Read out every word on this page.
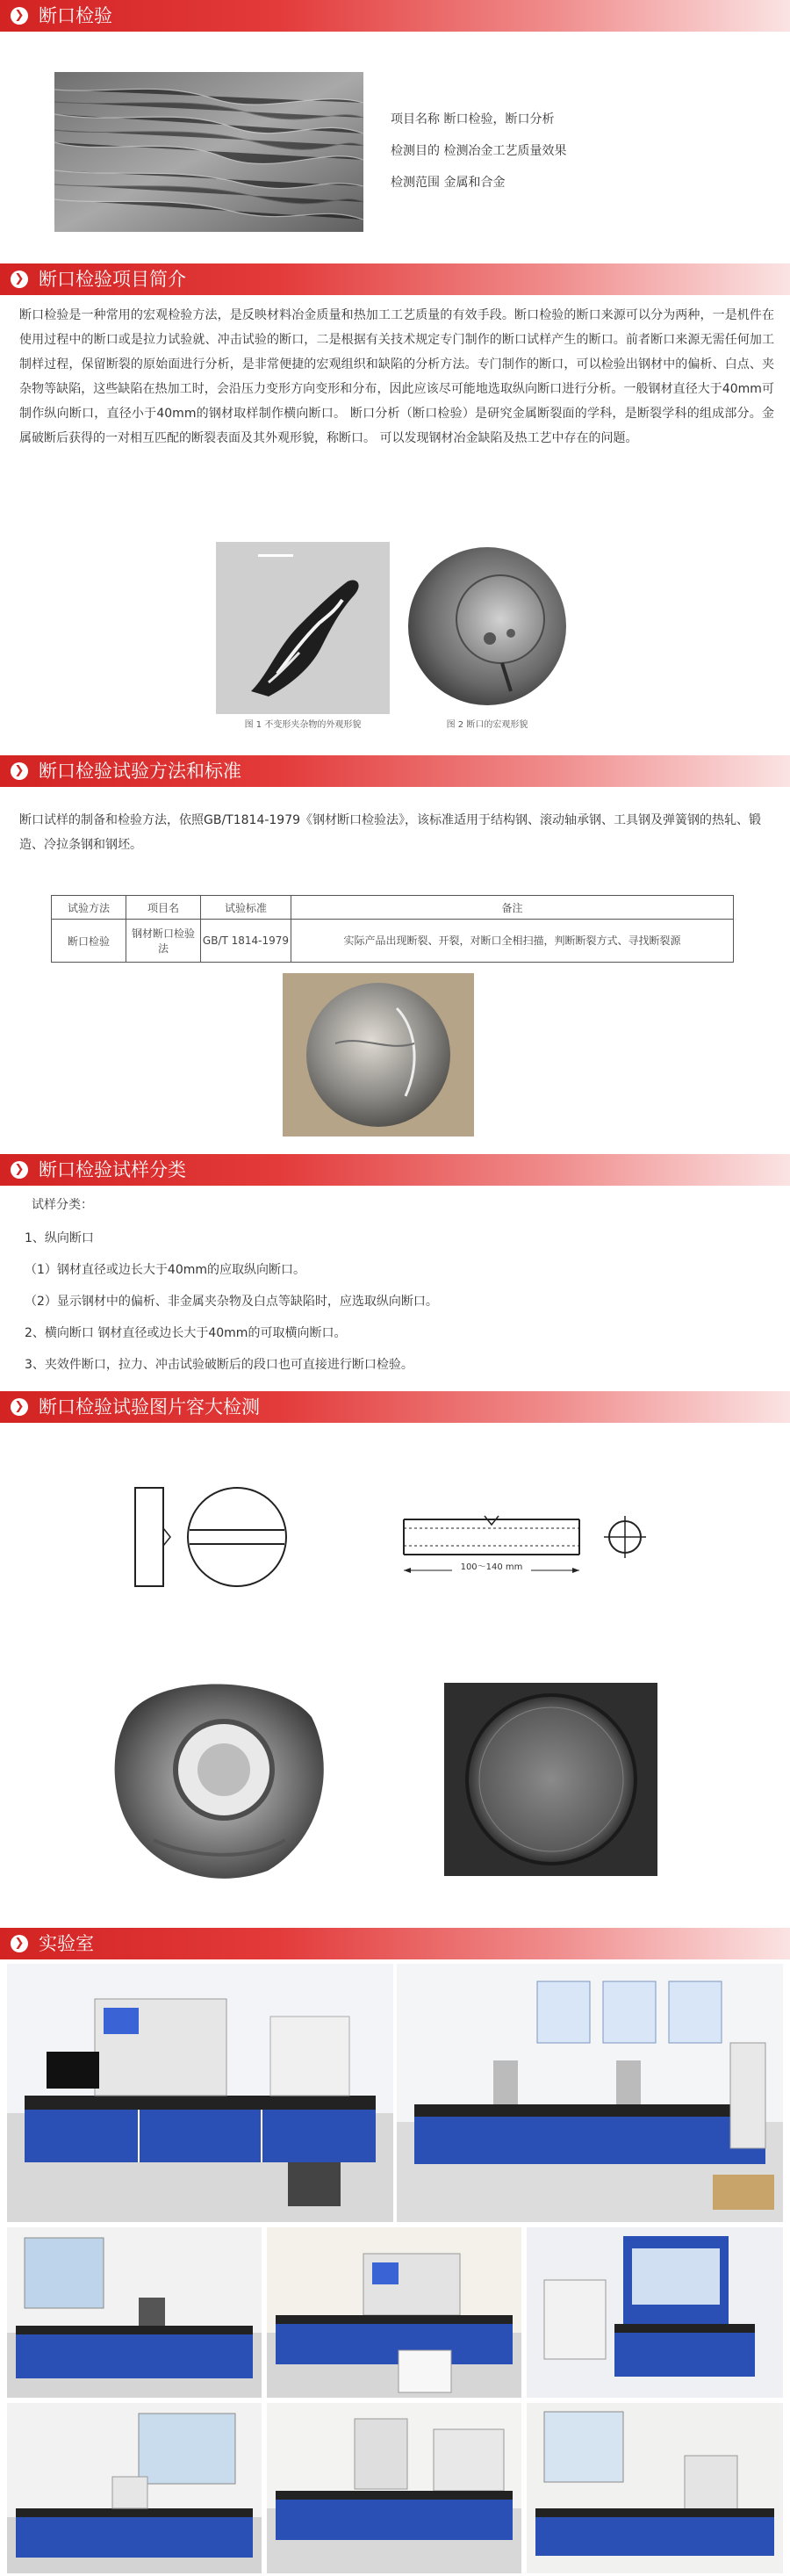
❯ 断口检验
项目名称 断口检验，断口分析
检测目的 检测冶金工艺质量效果
检测范围 金属和合金
❯ 断口检验项目简介
断口检验是一种常用的宏观检验方法，是反映材料冶金质量和热加工工艺质量的有效手段。断口检验的断口来源可以分为两种，一是机件在使用过程中的断口或是拉力试验就、冲击试验的断口，二是根据有关技术规定专门制作的断口试样产生的断口。前者断口来源无需任何加工制样过程，保留断裂的原始面进行分析，是非常便捷的宏观组织和缺陷的分析方法。专门制作的断口，可以检验出钢材中的偏析、白点、夹杂物等缺陷，这些缺陷在热加工时，会沿压力变形方向变形和分布，因此应该尽可能地选取纵向断口进行分析。一般钢材直径大于40mm可制作纵向断口，直径小于40mm的钢材取样制作横向断口。 断口分析（断口检验）是研究金属断裂面的学科，是断裂学科的组成部分。金属破断后获得的一对相互匹配的断裂表面及其外观形貌，称断口。 可以发现钢材冶金缺陷及热工艺中存在的问题。
图 1 不变形夹杂物的外观形貌	图 2 断口的宏观形貌
❯ 断口检验试验方法和标准
断口试样的制备和检验方法，依照GB/T1814-1979《钢材断口检验法》，该标准适用于结构钢、滚动轴承钢、工具钢及弹簧钢的热轧、锻造、冷拉条钢和钢坯。
试验方法	项目名	试验标准	备注
断口检验	钢材断口检验法	GB/T 1814-1979	实际产品出现断裂、开裂，对断口全相扫描，判断断裂方式、寻找断裂源
❯ 断口检验试样分类
试样分类：
1、纵向断口
（1）钢材直径或边长大于40mm的应取纵向断口。
（2）显示钢材中的偏析、非金属夹杂物及白点等缺陷时，应选取纵向断口。
2、横向断口 钢材直径或边长大于40mm的可取横向断口。
3、夹效件断口，拉力、冲击试验破断后的段口也可直接进行断口检验。
❯ 断口检验试验图片容大检测
100～140 mm
❯ 实验室
